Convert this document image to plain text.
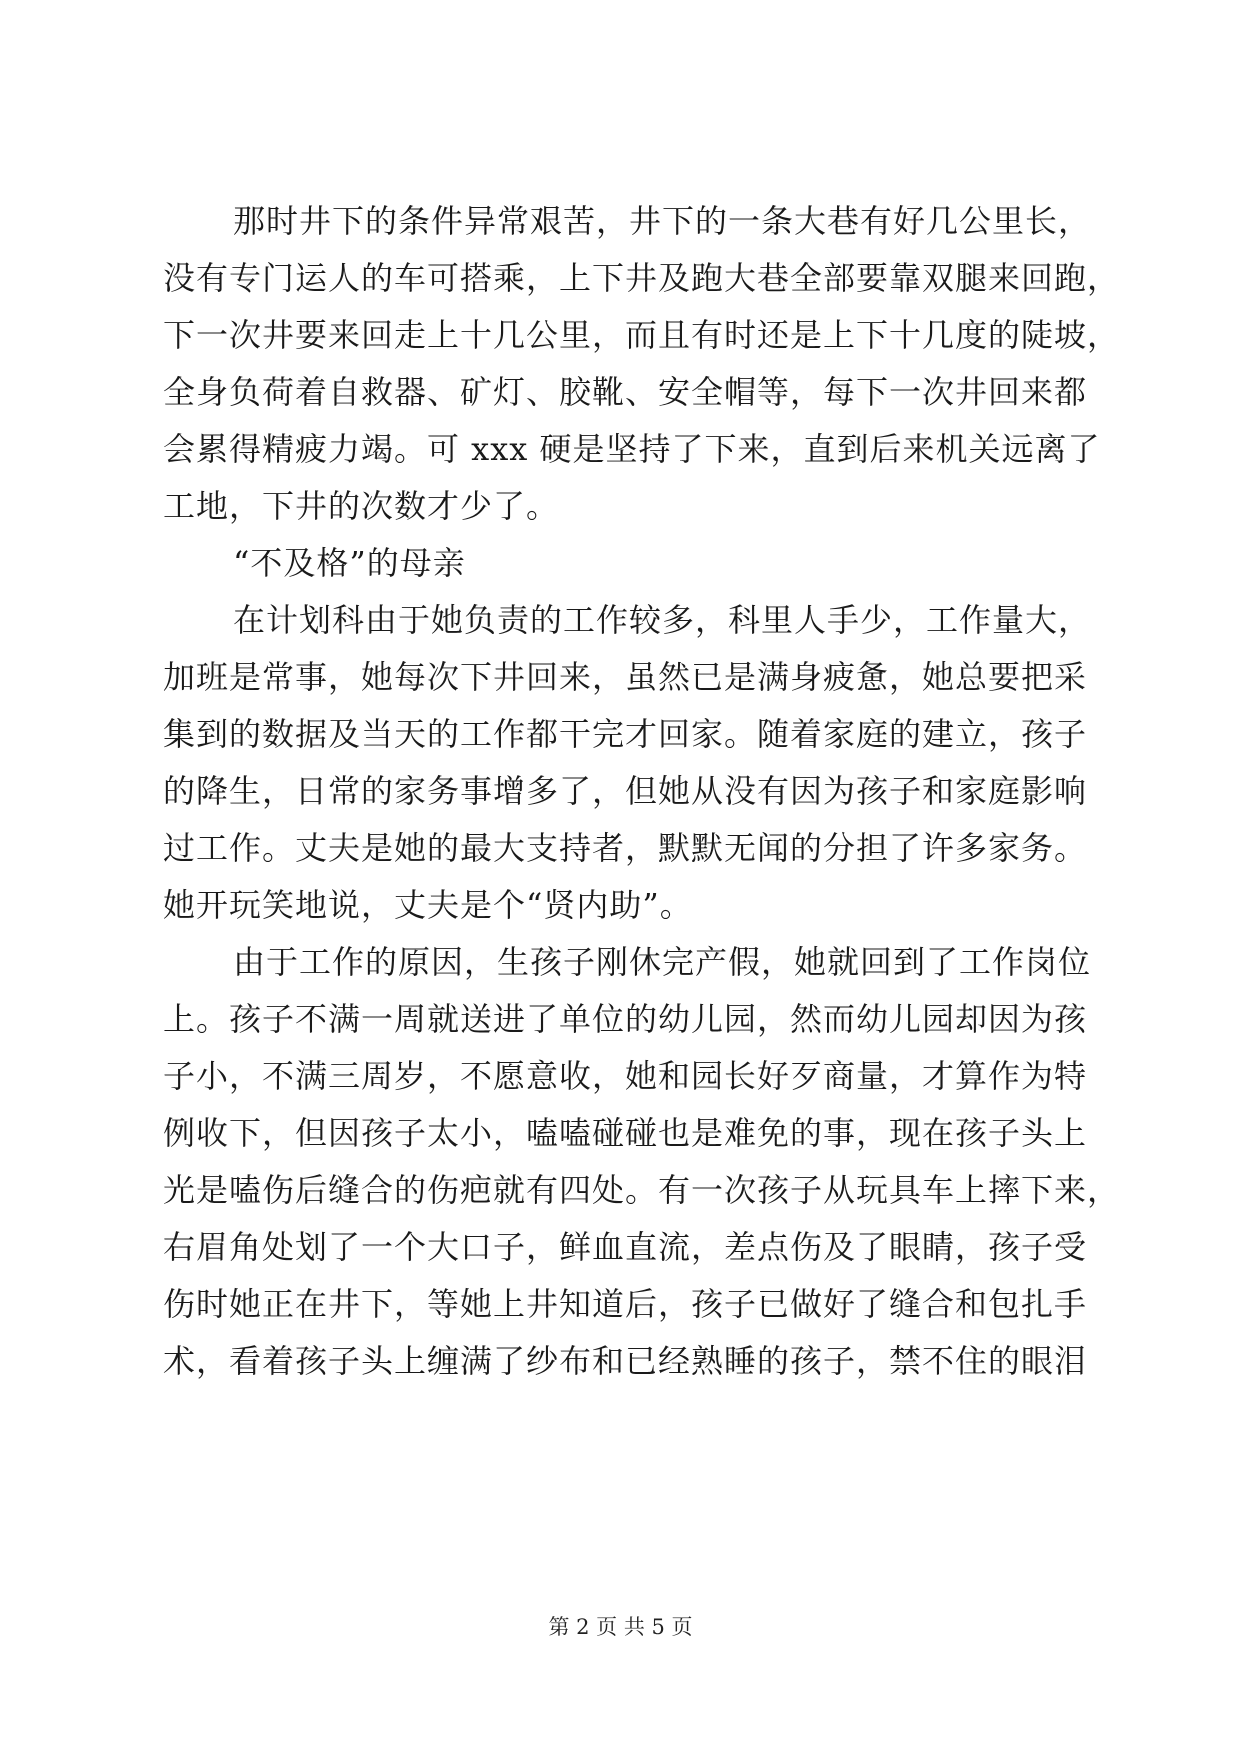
那时井下的条件异常艰苦，井下的一条大巷有好几公里长，
没有专门运人的车可搭乘，上下井及跑大巷全部要靠双腿来回跑，
下一次井要来回走上十几公里，而且有时还是上下十几度的陡坡，
全身负荷着自救器、矿灯、胶靴、安全帽等，每下一次井回来都
会累得精疲力竭。可 xxx 硬是坚持了下来，直到后来机关远离了
工地，下井的次数才少了。
“不及格”的母亲
在计划科由于她负责的工作较多，科里人手少，工作量大，
加班是常事，她每次下井回来，虽然已是满身疲惫，她总要把采
集到的数据及当天的工作都干完才回家。随着家庭的建立，孩子
的降生，日常的家务事增多了，但她从没有因为孩子和家庭影响
过工作。丈夫是她的最大支持者，默默无闻的分担了许多家务。
她开玩笑地说，丈夫是个“贤内助”。
由于工作的原因，生孩子刚休完产假，她就回到了工作岗位
上。孩子不满一周就送进了单位的幼儿园，然而幼儿园却因为孩
子小，不满三周岁，不愿意收，她和园长好歹商量，才算作为特
例收下，但因孩子太小，嗑嗑碰碰也是难免的事，现在孩子头上
光是嗑伤后缝合的伤疤就有四处。有一次孩子从玩具车上摔下来，
右眉角处划了一个大口子，鲜血直流，差点伤及了眼睛，孩子受
伤时她正在井下，等她上井知道后，孩子已做好了缝合和包扎手
术，看着孩子头上缠满了纱布和已经熟睡的孩子，禁不住的眼泪
第 2 页 共 5 页
